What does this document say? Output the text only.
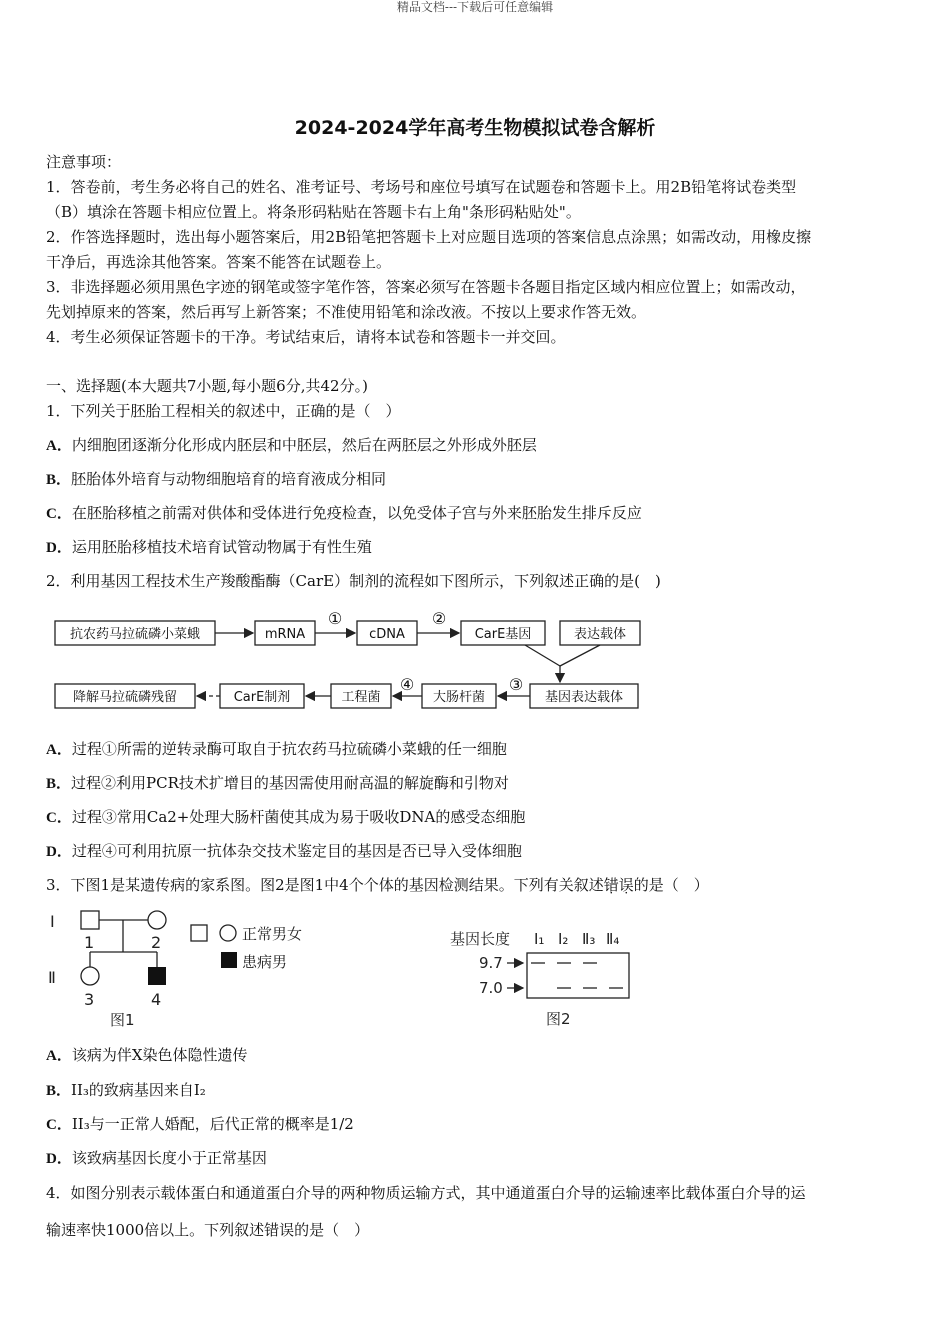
精品文档---下载后可任意编辑
2024-2024学年高考生物模拟试卷含解析
注意事项：
1．答卷前，考生务必将自己的姓名、准考证号、考场号和座位号填写在试题卷和答题卡上。用2B铅笔将试卷类型
（B）填涂在答题卡相应位置上。将条形码粘贴在答题卡右上角"条形码粘贴处"。
2．作答选择题时，选出每小题答案后，用2B铅笔把答题卡上对应题目选项的答案信息点涂黑；如需改动，用橡皮擦
干净后，再选涂其他答案。答案不能答在试题卷上。
3．非选择题必须用黑色字迹的钢笔或签字笔作答，答案必须写在答题卡各题目指定区域内相应位置上；如需改动，
先划掉原来的答案，然后再写上新答案；不准使用铅笔和涂改液。不按以上要求作答无效。
4．考生必须保证答题卡的干净。考试结束后，请将本试卷和答题卡一并交回。
一、选择题(本大题共7小题,每小题6分,共42分。)
1．下列关于胚胎工程相关的叙述中，正确的是（　）
A．内细胞团逐渐分化形成内胚层和中胚层，然后在两胚层之外形成外胚层
B．胚胎体外培育与动物细胞培育的培育液成分相同
C．在胚胎移植之前需对供体和受体进行免疫检查，以免受体子宫与外来胚胎发生排斥反应
D．运用胚胎移植技术培育试管动物属于有性生殖
2．利用基因工程技术生产羧酸酯酶（CarE）制剂的流程如下图所示，下列叙述正确的是(　)
抗农药马拉硫磷小菜蛾	mRNA	cDNA	CarE基因	表达载体
基因表达载体
大肠杆菌
工程菌
CarE制剂
降解马拉硫磷残留
①	②
③
④
A．过程①所需的逆转录酶可取自于抗农药马拉硫磷小菜蛾的任一细胞
B．过程②利用PCR技术扩增目的基因需使用耐高温的解旋酶和引物对
C．过程③常用Ca2+处理大肠杆菌使其成为易于吸收DNA的感受态细胞
D．过程④可利用抗原一抗体杂交技术鉴定目的基因是否已导入受体细胞
3．下图1是某遗传病的家系图。图2是图1中4个个体的基因检测结果。下列有关叙述错误的是（　）
I
Ⅱ
1	2
3	4
正常男女
患病男
图1
基因长度 I₁ I₂ Ⅱ₃ Ⅱ₄
9.7
7.0
图2
A．该病为伴X染色体隐性遗传
B．II₃的致病基因来自I₂
C．II₃与一正常人婚配，后代正常的概率是1/2
D．该致病基因长度小于正常基因
4．如图分别表示载体蛋白和通道蛋白介导的两种物质运输方式，其中通道蛋白介导的运输速率比载体蛋白介导的运
输速率快1000倍以上。下列叙述错误的是（　）
